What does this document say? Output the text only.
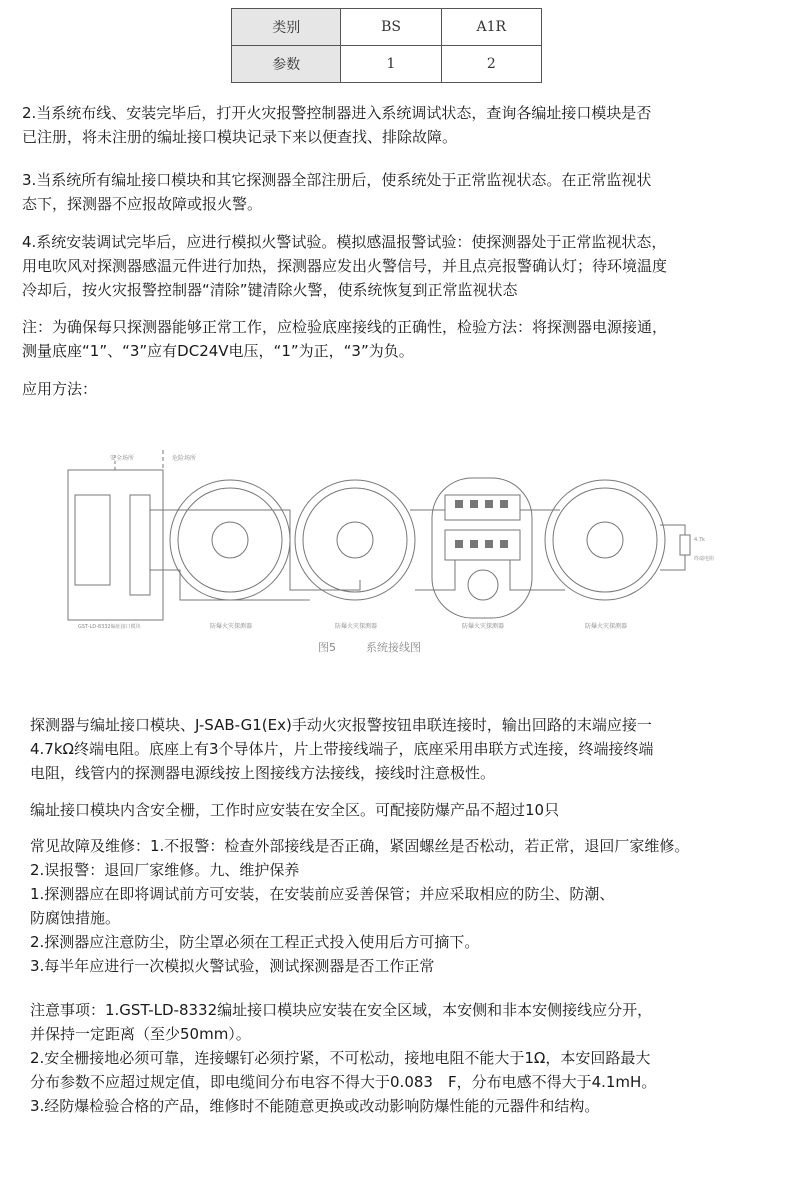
类别	BS	A1R
参数	1	2

2.当系统布线、安装完毕后，打开火灾报警控制器进入系统调试状态，查询各编址接口模块是否
已注册，将未注册的编址接口模块记录下来以便查找、排除故障。

3.当系统所有编址接口模块和其它探测器全部注册后，使系统处于正常监视状态。在正常监视状
态下，探测器不应报故障或报火警。

4.系统安装调试完毕后，应进行模拟火警试验。模拟感温报警试验：使探测器处于正常监视状态，
用电吹风对探测器感温元件进行加热，探测器应发出火警信号，并且点亮报警确认灯；待环境温度
冷却后，按火灾报警控制器“清除”键清除火警，使系统恢复到正常监视状态

注：为确保每只探测器能够正常工作，应检验底座接线的正确性，检验方法：将探测器电源接通，
测量底座“1”、“3”应有DC24V电压，“1”为正，“3”为负。

应用方法：

安全场所	危险场所
GST-LD-8332编址接口模块	防爆火灾探测器	防爆火灾探测器	防爆火灾探测器	防爆火灾探测器
4.7k
终端电阻
图5	系统接线图

探测器与编址接口模块、J-SAB-G1(Ex)手动火灾报警按钮串联连接时，输出回路的末端应接一
4.7kΩ终端电阻。底座上有3个导体片，片上带接线端子，底座采用串联方式连接，终端接终端
电阻，线管内的探测器电源线按上图接线方法接线，接线时注意极性。

编址接口模块内含安全栅，工作时应安装在安全区。可配接防爆产品不超过10只

常见故障及维修：1.不报警：检查外部接线是否正确，紧固螺丝是否松动，若正常，退回厂家维修。
2.误报警：退回厂家维修。九、维护保养
1.探测器应在即将调试前方可安装，在安装前应妥善保管；并应采取相应的防尘、防潮、
防腐蚀措施。
2.探测器应注意防尘，防尘罩必须在工程正式投入使用后方可摘下。
3.每半年应进行一次模拟火警试验，测试探测器是否工作正常

注意事项：1.GST-LD-8332编址接口模块应安装在安全区域，本安侧和非本安侧接线应分开，
并保持一定距离（至少50mm）。
2.安全栅接地必须可靠，连接螺钉必须拧紧，不可松动，接地电阻不能大于1Ω，本安回路最大
分布参数不应超过规定值，即电缆间分布电容不得大于0.083　F，分布电感不得大于4.1mH。
3.经防爆检验合格的产品，维修时不能随意更换或改动影响防爆性能的元器件和结构。
